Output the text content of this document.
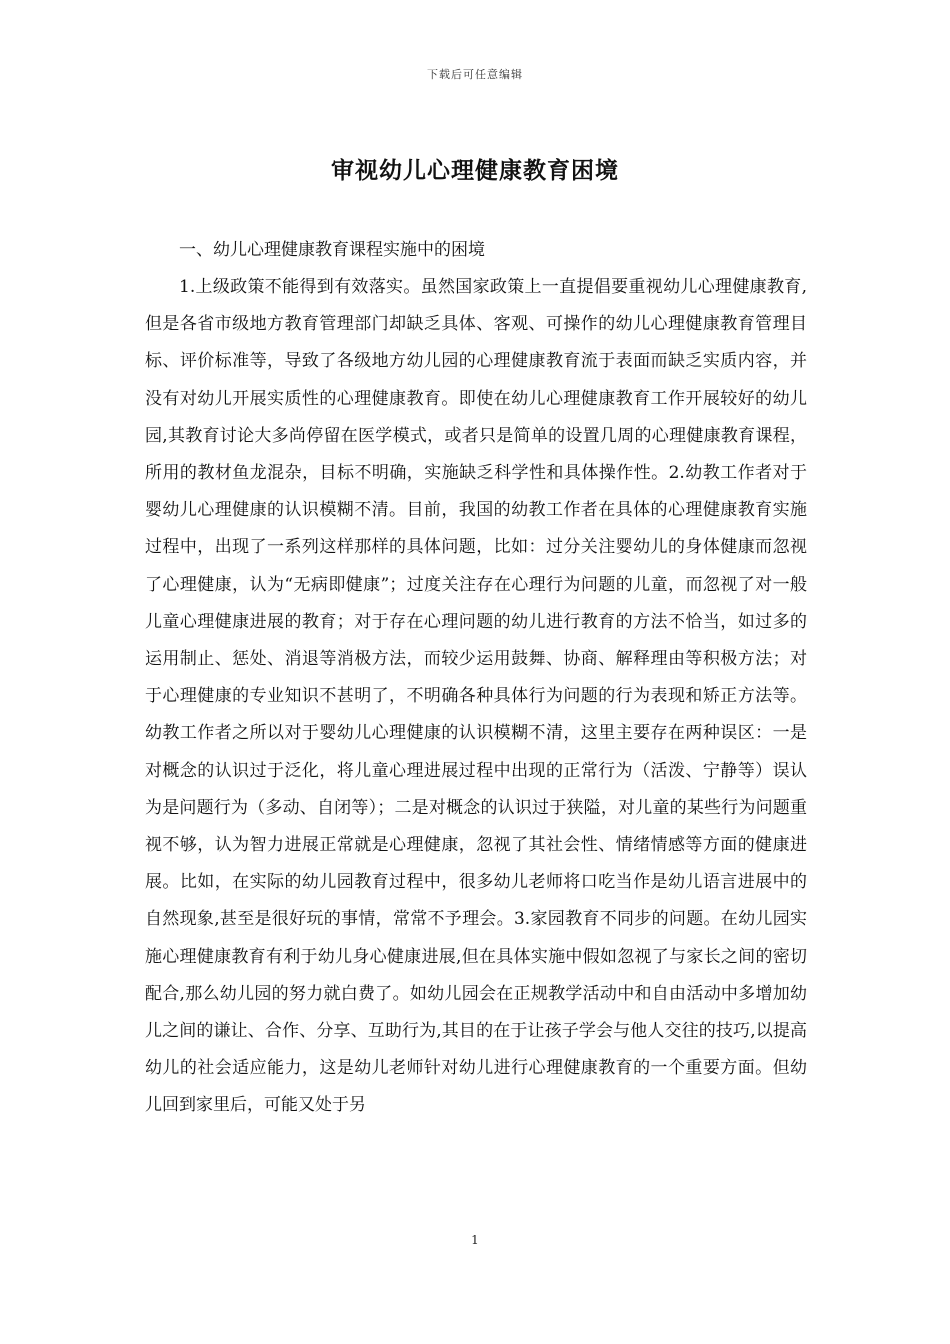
下载后可任意编辑
审视幼儿心理健康教育困境

一、幼儿心理健康教育课程实施中的困境

1.上级政策不能得到有效落实。虽然国家政策上一直提倡要重视幼儿心理健康教育,但是各省市级地方教育管理部门却缺乏具体、客观、可操作的幼儿心理健康教育管理目标、评价标准等，导致了各级地方幼儿园的心理健康教育流于表面而缺乏实质内容，并没有对幼儿开展实质性的心理健康教育。即使在幼儿心理健康教育工作开展较好的幼儿园,其教育讨论大多尚停留在医学模式，或者只是简单的设置几周的心理健康教育课程，所用的教材鱼龙混杂，目标不明确，实施缺乏科学性和具体操作性。2.幼教工作者对于婴幼儿心理健康的认识模糊不清。目前，我国的幼教工作者在具体的心理健康教育实施过程中，出现了一系列这样那样的具体问题，比如：过分关注婴幼儿的身体健康而忽视了心理健康，认为“无病即健康”；过度关注存在心理行为问题的儿童，而忽视了对一般儿童心理健康进展的教育；对于存在心理问题的幼儿进行教育的方法不恰当，如过多的运用制止、惩处、消退等消极方法，而较少运用鼓舞、协商、解释理由等积极方法；对于心理健康的专业知识不甚明了，不明确各种具体行为问题的行为表现和矫正方法等。幼教工作者之所以对于婴幼儿心理健康的认识模糊不清，这里主要存在两种误区：一是对概念的认识过于泛化，将儿童心理进展过程中出现的正常行为（活泼、宁静等）误认为是问题行为（多动、自闭等）；二是对概念的认识过于狭隘，对儿童的某些行为问题重视不够，认为智力进展正常就是心理健康，忽视了其社会性、情绪情感等方面的健康进展。比如，在实际的幼儿园教育过程中，很多幼儿老师将口吃当作是幼儿语言进展中的自然现象,甚至是很好玩的事情，常常不予理会。3.家园教育不同步的问题。在幼儿园实施心理健康教育有利于幼儿身心健康进展,但在具体实施中假如忽视了与家长之间的密切配合,那么幼儿园的努力就白费了。如幼儿园会在正规教学活动中和自由活动中多增加幼儿之间的谦让、合作、分享、互助行为,其目的在于让孩子学会与他人交往的技巧,以提高幼儿的社会适应能力，这是幼儿老师针对幼儿进行心理健康教育的一个重要方面。但幼儿回到家里后，可能又处于另

1
